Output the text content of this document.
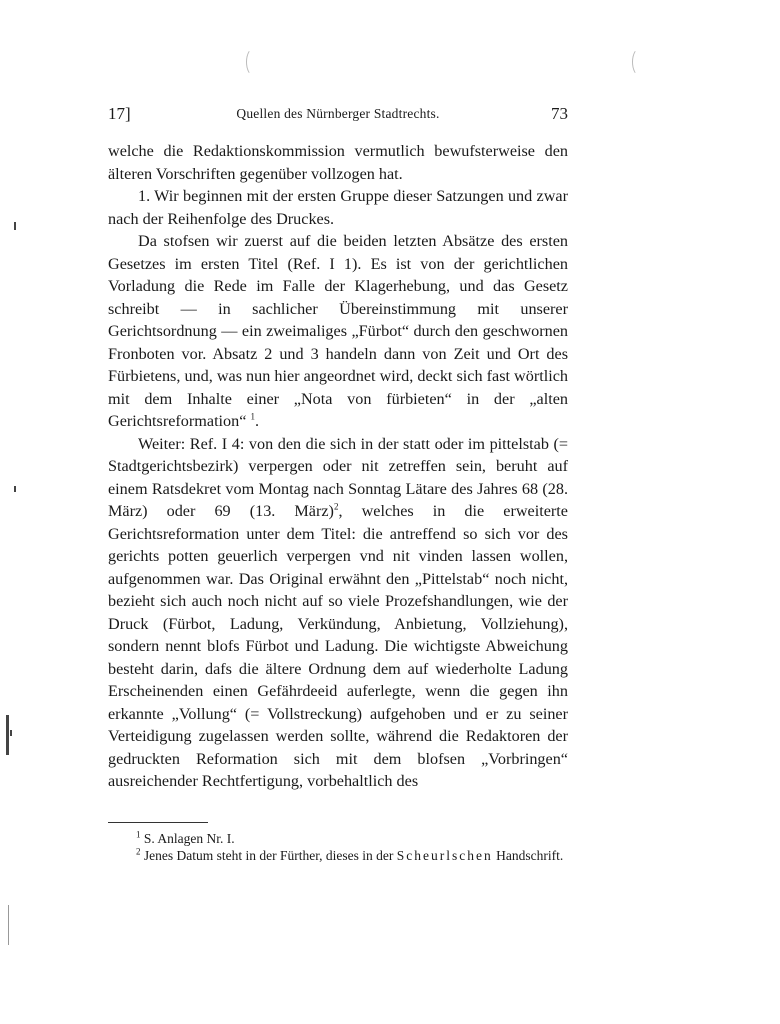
17]	Quellen des Nürnberger Stadtrechts.	73

welche die Redaktionskommission vermutlich bewufsterweise den älteren Vorschriften gegenüber vollzogen hat.

1. Wir beginnen mit der ersten Gruppe dieser Satzungen und zwar nach der Reihenfolge des Druckes.

Da stofsen wir zuerst auf die beiden letzten Absätze des ersten Gesetzes im ersten Titel (Ref. I 1). Es ist von der gerichtlichen Vorladung die Rede im Falle der Klagerhebung, und das Gesetz schreibt — in sachlicher Übereinstimmung mit unserer Gerichtsordnung — ein zweimaliges „Fürbot“ durch den geschwornen Fronboten vor. Absatz 2 und 3 handeln dann von Zeit und Ort des Fürbietens, und, was nun hier angeordnet wird, deckt sich fast wörtlich mit dem Inhalte einer „Nota von fürbieten“ in der „alten Gerichtsreformation“ $^1$.

Weiter: Ref. I 4: von den die sich in der statt oder im pittelstab (= Stadtgerichtsbezirk) verpergen oder nit zetreffen sein, beruht auf einem Ratsdekret vom Montag nach Sonntag Lätare des Jahres 68 (28. März) oder 69 (13. März)$^2$, welches in die erweiterte Gerichtsreformation unter dem Titel: die antreffend so sich vor des gerichts potten geuerlich verpergen vnd nit vinden lassen wollen, aufgenommen war. Das Original erwähnt den „Pittelstab“ noch nicht, bezieht sich auch noch nicht auf so viele Prozefshandlungen, wie der Druck (Fürbot, Ladung, Verkündung, Anbietung, Vollziehung), sondern nennt blofs Fürbot und Ladung. Die wichtigste Abweichung besteht darin, dafs die ältere Ordnung dem auf wiederholte Ladung Erscheinenden einen Gefährdeeid auferlegte, wenn die gegen ihn erkannte „Vollung“ (= Vollstreckung) aufgehoben und er zu seiner Verteidigung zugelassen werden sollte, während die Redaktoren der gedruckten Reformation sich mit dem blofsen „Vorbringen“ ausreichender Rechtfertigung, vorbehaltlich des

$^1$ S. Anlagen Nr. I.

$^2$ Jenes Datum steht in der Fürther, dieses in der Scheurlschen Handschrift.
